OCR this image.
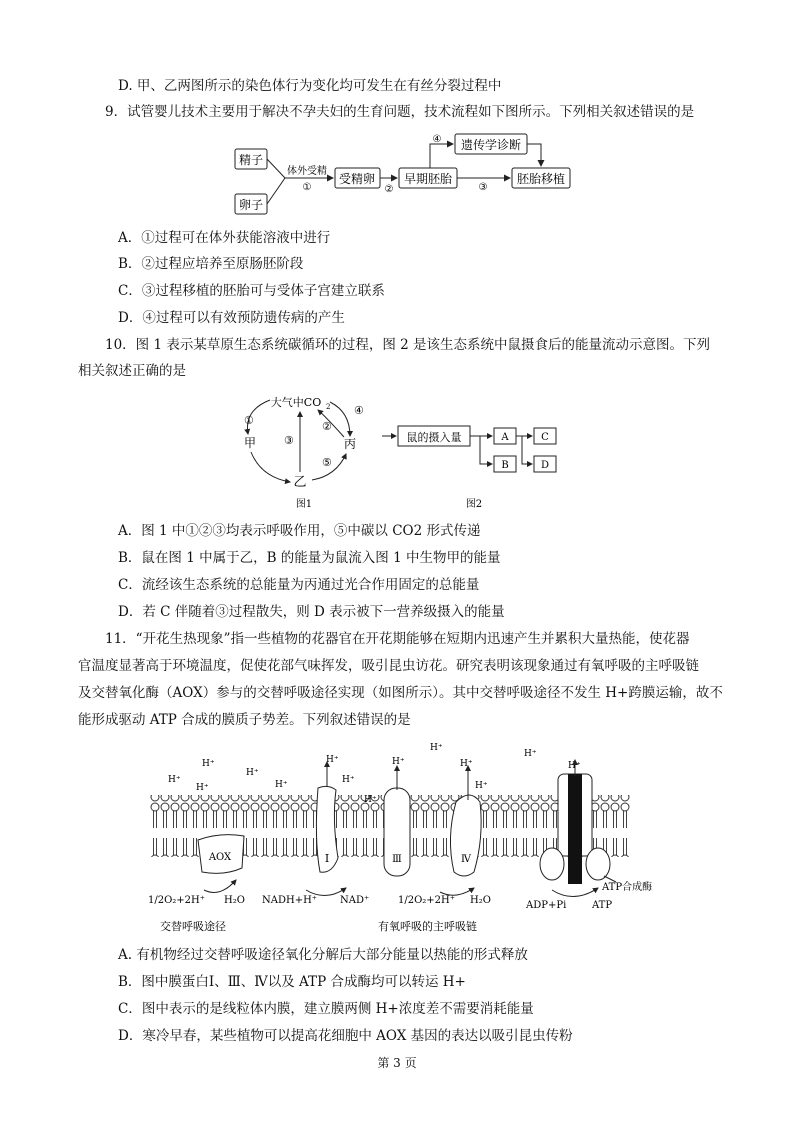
D. 甲、乙两图所示的染色体行为变化均可发生在有丝分裂过程中
9．试管婴儿技术主要用于解决不孕夫妇的生育问题，技术流程如下图所示。下列相关叙述错误的是
精子
卵子
体外受精
①
受精卵
②
早期胚胎
③
胚胎移植
④ 遗传学诊断
A．①过程可在体外获能溶液中进行
B．②过程应培养至原肠胚阶段
C．③过程移植的胚胎可与受体子宫建立联系
D．④过程可以有效预防遗传病的产生
10．图 1 表示某草原生态系统碳循环的过程，图 2 是该生态系统中鼠摄食后的能量流动示意图。下列
相关叙述正确的是
大气中CO 2
甲
乙
丙
①	②
③
④
⑤
图1
鼠的摄入量	A
B
C
D
图2
A．图 1 中①②③均表示呼吸作用，⑤中碳以 CO2 形式传递
B．鼠在图 1 中属于乙，B 的能量为鼠流入图 1 中生物甲的能量
C．流经该生态系统的总能量为丙通过光合作用固定的总能量
D．若 C 伴随着③过程散失，则 D 表示被下一营养级摄入的能量
11．“开花生热现象”指一些植物的花器官在开花期能够在短期内迅速产生并累积大量热能，使花器
官温度显著高于环境温度，促使花部气味挥发，吸引昆虫访花。研究表明该现象通过有氧呼吸的主呼吸链
及交替氧化酶（AOX）参与的交替呼吸途径实现（如图所示）。其中交替呼吸途径不发生 H+跨膜运输，故不
能形成驱动 ATP 合成的膜质子势差。下列叙述错误的是
H⁺
H⁺
H⁺
H⁺
H⁺
H⁺
H⁺
H⁺
H⁺
H⁺	H⁺
H⁺
H⁺
H⁺
AOX	Ⅰ	Ⅲ	Ⅳ
ATP合成酶
1/2O₂+2H⁺ H₂O NADH+H⁺ NAD⁺	1/2O₂+2H⁺ H₂O	ADP+Pi	ATP
交替呼吸途径	有氧呼吸的主呼吸链
A. 有机物经过交替呼吸途径氧化分解后大部分能量以热能的形式释放
B．图中膜蛋白Ⅰ、Ⅲ、Ⅳ以及 ATP 合成酶均可以转运 H+
C．图中表示的是线粒体内膜，建立膜两侧 H+浓度差不需要消耗能量
D．寒冷早春，某些植物可以提高花细胞中 AOX 基因的表达以吸引昆虫传粉
第 3 页
